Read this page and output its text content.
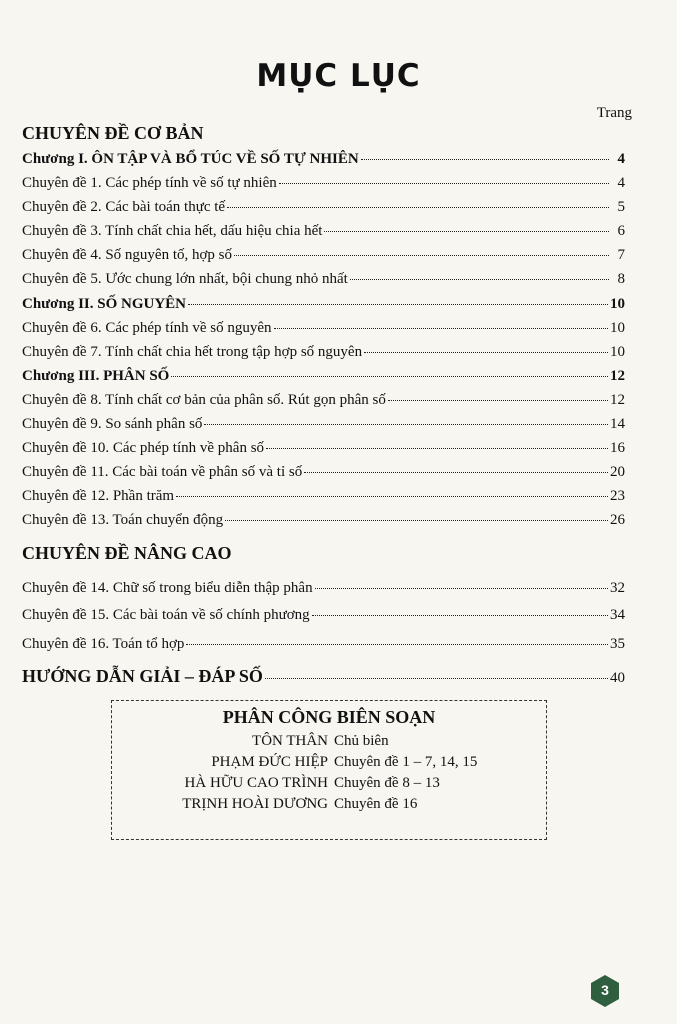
MỤC LỤC
Trang
CHUYÊN ĐỀ CƠ BẢN
Chương I. ÔN TẬP VÀ BỔ TÚC VỀ SỐ TỰ NHIÊN	4
Chuyên đề 1. Các phép tính về số tự nhiên	4
Chuyên đề 2. Các bài toán thực tế	5
Chuyên đề 3. Tính chất chia hết, dấu hiệu chia hết	6
Chuyên đề 4. Số nguyên tố, hợp số	7
Chuyên đề 5. Ước chung lớn nhất, bội chung nhỏ nhất	8
Chương II. SỐ NGUYÊN	10
Chuyên đề 6. Các phép tính về số nguyên	10
Chuyên đề 7. Tính chất chia hết trong tập hợp số nguyên	10
Chương III. PHÂN SỐ	12
Chuyên đề 8. Tính chất cơ bản của phân số. Rút gọn phân số	12
Chuyên đề 9. So sánh phân số	14
Chuyên đề 10. Các phép tính về phân số	16
Chuyên đề 11. Các bài toán về phân số và tỉ số	20
Chuyên đề 12. Phần trăm	23
Chuyên đề 13. Toán chuyển động	26
CHUYÊN ĐỀ NÂNG CAO
Chuyên đề 14. Chữ số trong biểu diễn thập phân	32
Chuyên đề 15. Các bài toán về số chính phương	34
Chuyên đề 16. Toán tổ hợp	35
HƯỚNG DẪN GIẢI – ĐÁP SỐ	40
PHÂN CÔNG BIÊN SOẠN
TÔN THÂN Chủ biên
PHẠM ĐỨC HIỆP Chuyên đề 1 – 7, 14, 15
HÀ HỮU CAO TRÌNH Chuyên đề 8 – 13
TRỊNH HOÀI DƯƠNG Chuyên đề 16
3
